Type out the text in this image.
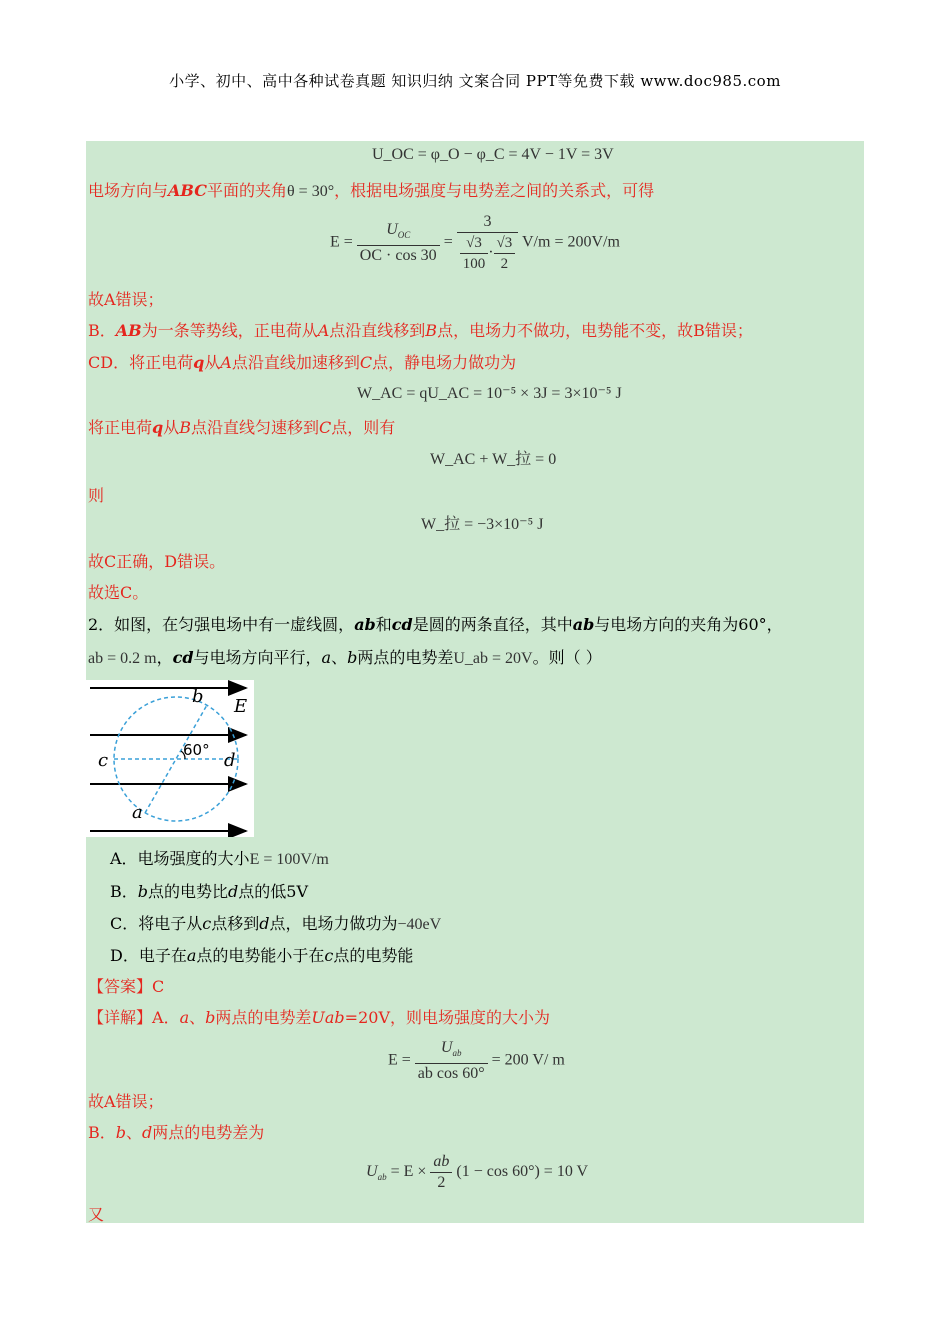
小学、初中、高中各种试卷真题 知识归纳 文案合同 PPT等免费下载 www.doc985.com
U_OC = φ_O − φ_C = 4V − 1V = 3V
电场方向与ABC平面的夹角θ = 30°，根据电场强度与电势差之间的关系式，可得
$E = \frac{U_{OC}}{OC \cdot \cos 30} = \frac{3}{\frac{√3}{100} \cdot \frac{√3}{2}} V/m = 200V/m$
故A错误；
B．AB为一条等势线，正电荷从A点沿直线移到B点，电场力不做功，电势能不变，故B错误；
CD．将正电荷q从A点沿直线加速移到C点，静电场力做功为
W_AC = qU_AC = 10⁻⁵ × 3J = 3×10⁻⁵ J
将正电荷q从B点沿直线匀速移到C点，则有
W_AC + W_拉 = 0
则
W_拉 = −3×10⁻⁵ J
故C正确，D错误。
故选C。
2．如图，在匀强电场中有一虚线圆，ab和cd是圆的两条直径，其中ab与电场方向的夹角为60°，
ab = 0.2 m，cd与电场方向平行，a、b两点的电势差U_ab = 20V。则（ ）
b E
60°
c	d
a
A．电场强度的大小E = 100V/m
B．b点的电势比d点的低5V
C．将电子从c点移到d点，电场力做功为−40eV
D．电子在a点的电势能小于在c点的电势能
【答案】C
【详解】A．a、b两点的电势差Uab=20V，则电场强度的大小为
$E = \frac{U_{ab}}{\text{ab cos 60°}} = 200$ V/ m
故A错误；
B．b、d两点的电势差为
$U_{ab} = E \times \frac{ab}{2} (1 - \cos 60^\circ) = 10$ V
又
